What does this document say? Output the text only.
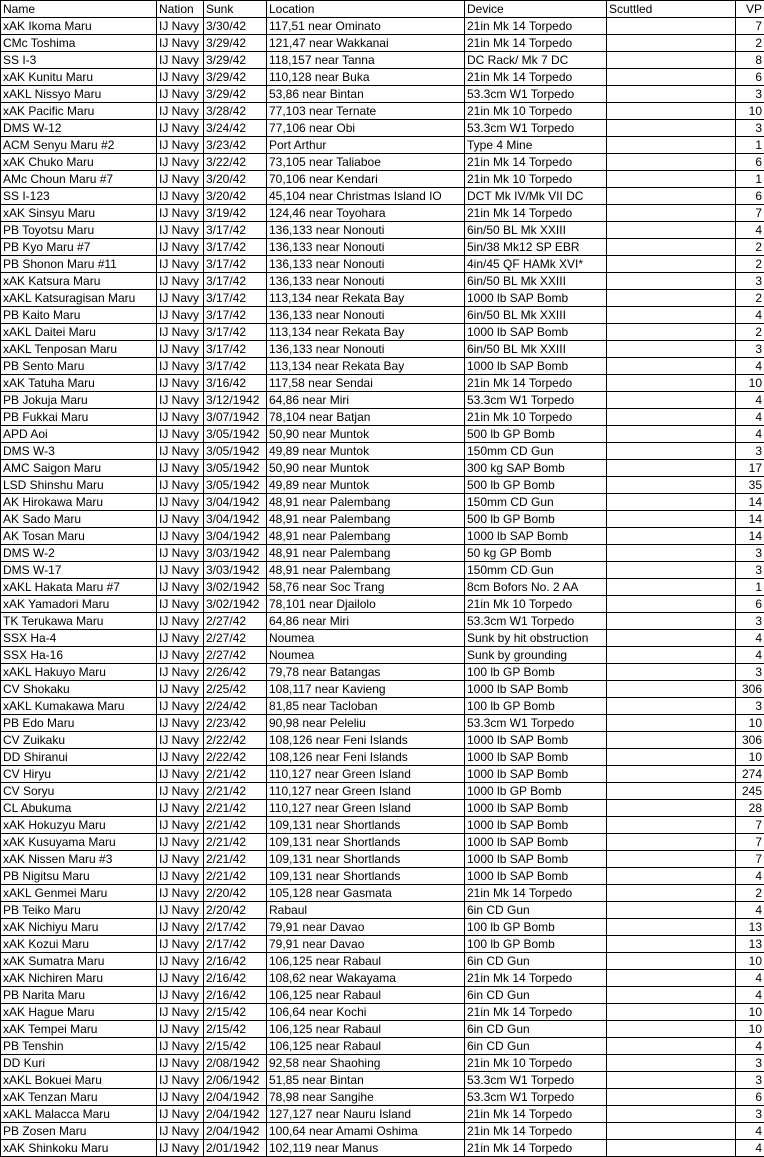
Name	Nation	Sunk	Location	Device	Scuttled	VP
xAK Ikoma Maru	IJ Navy	3/30/42	117,51 near Ominato	21in Mk 14 Torpedo		7
CMc Toshima	IJ Navy	3/29/42	121,47 near Wakkanai	21in Mk 14 Torpedo		2
SS I-3	IJ Navy	3/29/42	118,157 near Tanna	DC Rack/ Mk 7 DC		8
xAK Kunitu Maru	IJ Navy	3/29/42	110,128 near Buka	21in Mk 14 Torpedo		6
xAKL Nissyo Maru	IJ Navy	3/29/42	53,86 near Bintan	53.3cm W1 Torpedo		3
xAK Pacific Maru	IJ Navy	3/28/42	77,103 near Ternate	21in Mk 10 Torpedo		10
DMS W-12	IJ Navy	3/24/42	77,106 near Obi	53.3cm W1 Torpedo		3
ACM Senyu Maru #2	IJ Navy	3/23/42	Port Arthur	Type 4 Mine		1
xAK Chuko Maru	IJ Navy	3/22/42	73,105 near Taliaboe	21in Mk 14 Torpedo		6
AMc Choun Maru #7	IJ Navy	3/20/42	70,106 near Kendari	21in Mk 10 Torpedo		1
SS I-123	IJ Navy	3/20/42	45,104 near Christmas Island IO	DCT Mk IV/Mk VII DC		6
xAK Sinsyu Maru	IJ Navy	3/19/42	124,46 near Toyohara	21in Mk 14 Torpedo		7
PB Toyotsu Maru	IJ Navy	3/17/42	136,133 near Nonouti	6in/50 BL Mk XXIII		4
PB Kyo Maru #7	IJ Navy	3/17/42	136,133 near Nonouti	5in/38 Mk12 SP EBR		2
PB Shonon Maru #11	IJ Navy	3/17/42	136,133 near Nonouti	4in/45 QF HAMk XVI*		2
xAK Katsura Maru	IJ Navy	3/17/42	136,133 near Nonouti	6in/50 BL Mk XXIII		3
xAKL Katsuragisan Maru	IJ Navy	3/17/42	113,134 near Rekata Bay	1000 lb SAP Bomb		2
PB Kaito Maru	IJ Navy	3/17/42	136,133 near Nonouti	6in/50 BL Mk XXIII		4
xAKL Daitei Maru	IJ Navy	3/17/42	113,134 near Rekata Bay	1000 lb SAP Bomb		2
xAKL Tenposan Maru	IJ Navy	3/17/42	136,133 near Nonouti	6in/50 BL Mk XXIII		3
PB Sento Maru	IJ Navy	3/17/42	113,134 near Rekata Bay	1000 lb SAP Bomb		4
xAK Tatuha Maru	IJ Navy	3/16/42	117,58 near Sendai	21in Mk 14 Torpedo		10
PB Jokuja Maru	IJ Navy	3/12/1942	64,86 near Miri	53.3cm W1 Torpedo		4
PB Fukkai Maru	IJ Navy	3/07/1942	78,104 near Batjan	21in Mk 10 Torpedo		4
APD Aoi	IJ Navy	3/05/1942	50,90 near Muntok	500 lb GP Bomb		4
DMS W-3	IJ Navy	3/05/1942	49,89 near Muntok	150mm CD Gun		3
AMC Saigon Maru	IJ Navy	3/05/1942	50,90 near Muntok	300 kg SAP Bomb		17
LSD Shinshu Maru	IJ Navy	3/05/1942	49,89 near Muntok	500 lb GP Bomb		35
AK Hirokawa Maru	IJ Navy	3/04/1942	48,91 near Palembang	150mm CD Gun		14
AK Sado Maru	IJ Navy	3/04/1942	48,91 near Palembang	500 lb GP Bomb		14
AK Tosan Maru	IJ Navy	3/04/1942	48,91 near Palembang	1000 lb SAP Bomb		14
DMS W-2	IJ Navy	3/03/1942	48,91 near Palembang	50 kg GP Bomb		3
DMS W-17	IJ Navy	3/03/1942	48,91 near Palembang	150mm CD Gun		3
xAKL Hakata Maru #7	IJ Navy	3/02/1942	58,76 near Soc Trang	8cm Bofors No. 2 AA		1
xAK Yamadori Maru	IJ Navy	3/02/1942	78,101 near Djailolo	21in Mk 10 Torpedo		6
TK Terukawa Maru	IJ Navy	2/27/42	64,86 near Miri	53.3cm W1 Torpedo		3
SSX Ha-4	IJ Navy	2/27/42	Noumea	Sunk by hit obstruction		4
SSX Ha-16	IJ Navy	2/27/42	Noumea	Sunk by grounding		4
xAKL Hakuyo Maru	IJ Navy	2/26/42	79,78 near Batangas	100 lb GP Bomb		3
CV Shokaku	IJ Navy	2/25/42	108,117 near Kavieng	1000 lb SAP Bomb		306
xAKL Kumakawa Maru	IJ Navy	2/24/42	81,85 near Tacloban	100 lb GP Bomb		3
PB Edo Maru	IJ Navy	2/23/42	90,98 near Peleliu	53.3cm W1 Torpedo		10
CV Zuikaku	IJ Navy	2/22/42	108,126 near Feni Islands	1000 lb SAP Bomb		306
DD Shiranui	IJ Navy	2/22/42	108,126 near Feni Islands	1000 lb SAP Bomb		10
CV Hiryu	IJ Navy	2/21/42	110,127 near Green Island	1000 lb SAP Bomb		274
CV Soryu	IJ Navy	2/21/42	110,127 near Green Island	1000 lb GP Bomb		245
CL Abukuma	IJ Navy	2/21/42	110,127 near Green Island	1000 lb SAP Bomb		28
xAK Hokuzyu Maru	IJ Navy	2/21/42	109,131 near Shortlands	1000 lb SAP Bomb		7
xAK Kusuyama Maru	IJ Navy	2/21/42	109,131 near Shortlands	1000 lb SAP Bomb		7
xAK Nissen Maru #3	IJ Navy	2/21/42	109,131 near Shortlands	1000 lb SAP Bomb		7
PB Nigitsu Maru	IJ Navy	2/21/42	109,131 near Shortlands	1000 lb SAP Bomb		4
xAKL Genmei Maru	IJ Navy	2/20/42	105,128 near Gasmata	21in Mk 14 Torpedo		2
PB Teiko Maru	IJ Navy	2/20/42	Rabaul	6in CD Gun		4
xAK Nichiyu Maru	IJ Navy	2/17/42	79,91 near Davao	100 lb GP Bomb		13
xAK Kozui Maru	IJ Navy	2/17/42	79,91 near Davao	100 lb GP Bomb		13
xAK Sumatra Maru	IJ Navy	2/16/42	106,125 near Rabaul	6in CD Gun		10
xAK Nichiren Maru	IJ Navy	2/16/42	108,62 near Wakayama	21in Mk 14 Torpedo		4
PB Narita Maru	IJ Navy	2/16/42	106,125 near Rabaul	6in CD Gun		4
xAK Hague Maru	IJ Navy	2/15/42	106,64 near Kochi	21in Mk 14 Torpedo		10
xAK Tempei Maru	IJ Navy	2/15/42	106,125 near Rabaul	6in CD Gun		10
PB Tenshin	IJ Navy	2/15/42	106,125 near Rabaul	6in CD Gun		4
DD Kuri	IJ Navy	2/08/1942	92,58 near Shaohing	21in Mk 10 Torpedo		3
xAKL Bokuei Maru	IJ Navy	2/06/1942	51,85 near Bintan	53.3cm W1 Torpedo		3
xAK Tenzan Maru	IJ Navy	2/04/1942	78,98 near Sangihe	53.3cm W1 Torpedo		6
xAKL Malacca Maru	IJ Navy	2/04/1942	127,127 near Nauru Island	21in Mk 14 Torpedo		3
PB Zosen Maru	IJ Navy	2/04/1942	100,64 near Amami Oshima	21in Mk 14 Torpedo		4
xAK Shinkoku Maru	IJ Navy	2/01/1942	102,119 near Manus	21in Mk 14 Torpedo		4
